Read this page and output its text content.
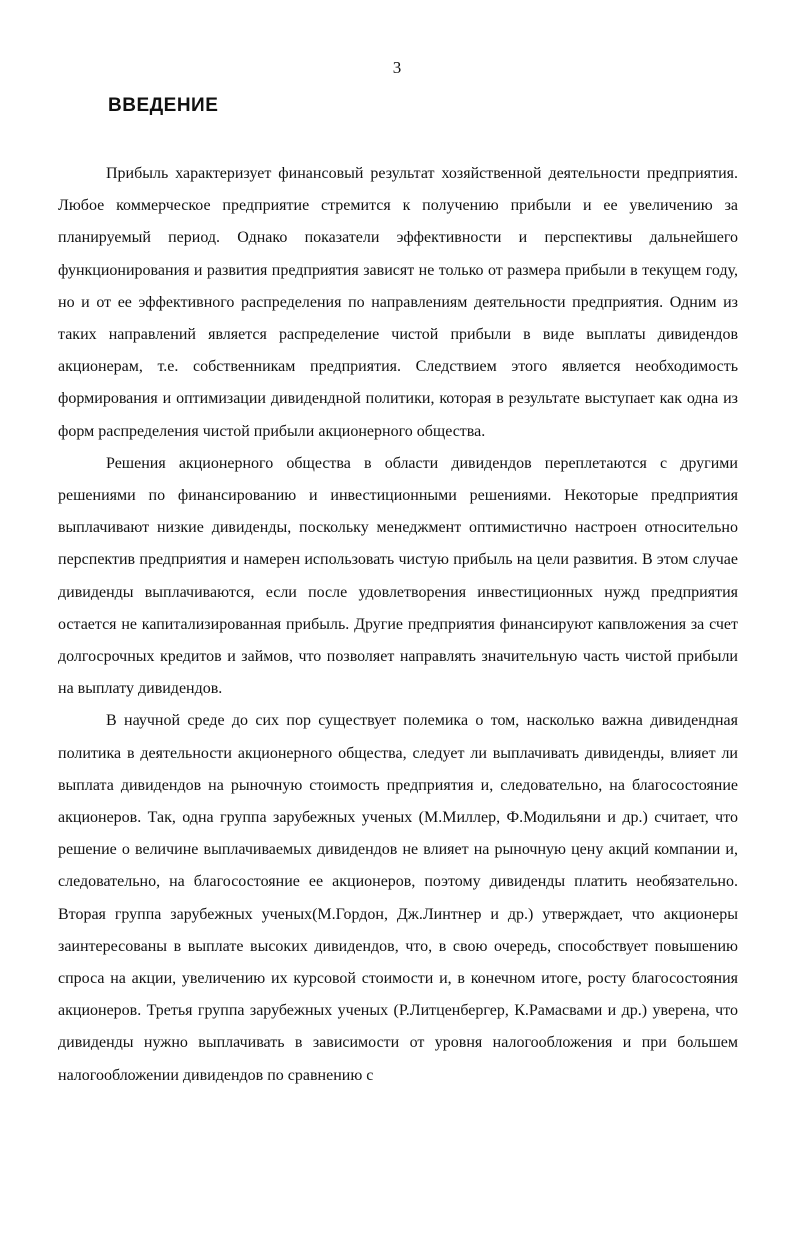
3
ВВЕДЕНИЕ

Прибыль характеризует финансовый результат хозяйственной деятельности предприятия. Любое коммерческое предприятие стремится к получению прибыли и ее увеличению за планируемый период. Однако показатели эффективности и перспективы дальнейшего функционирования и развития предприятия зависят не только от размера прибыли в текущем году, но и от ее эффективного распределения по направлениям деятельности предприятия. Одним из таких направлений является распределение чистой прибыли в виде выплаты дивидендов акционерам, т.е. собственникам предприятия. Следствием этого является необходимость формирования и оптимизации дивидендной политики, которая в результате выступает как одна из форм распределения чистой прибыли акционерного общества.

Решения акционерного общества в области дивидендов переплетаются с другими решениями по финансированию и инвестиционными решениями. Некоторые предприятия выплачивают низкие дивиденды, поскольку менеджмент оптимистично настроен относительно перспектив предприятия и намерен использовать чистую прибыль на цели развития. В этом случае дивиденды выплачиваются, если после удовлетворения инвестиционных нужд предприятия остается не капитализированная прибыль. Другие предприятия финансируют капвложения за счет долгосрочных кредитов и займов, что позволяет направлять значительную часть чистой прибыли на выплату дивидендов.

В научной среде до сих пор существует полемика о том, насколько важна дивидендная политика в деятельности акционерного общества, следует ли выплачивать дивиденды, влияет ли выплата дивидендов на рыночную стоимость предприятия и, следовательно, на благосостояние акционеров. Так, одна группа зарубежных ученых (М.Миллер, Ф.Модильяни и др.) считает, что решение о величине выплачиваемых дивидендов не влияет на рыночную цену акций компании и, следовательно, на благосостояние ее акционеров, поэтому дивиденды платить необязательно. Вторая группа зарубежных ученых(М.Гордон, Дж.Линтнер и др.) утверждает, что акционеры заинтересованы в выплате высоких дивидендов, что, в свою очередь, способствует повышению спроса на акции, увеличению их курсовой стоимости и, в конечном итоге, росту благосостояния акционеров. Третья группа зарубежных ученых (Р.Литценбергер, К.Рамасвами и др.) уверена, что дивиденды нужно выплачивать в зависимости от уровня налогообложения и при большем налогообложении дивидендов по сравнению с
